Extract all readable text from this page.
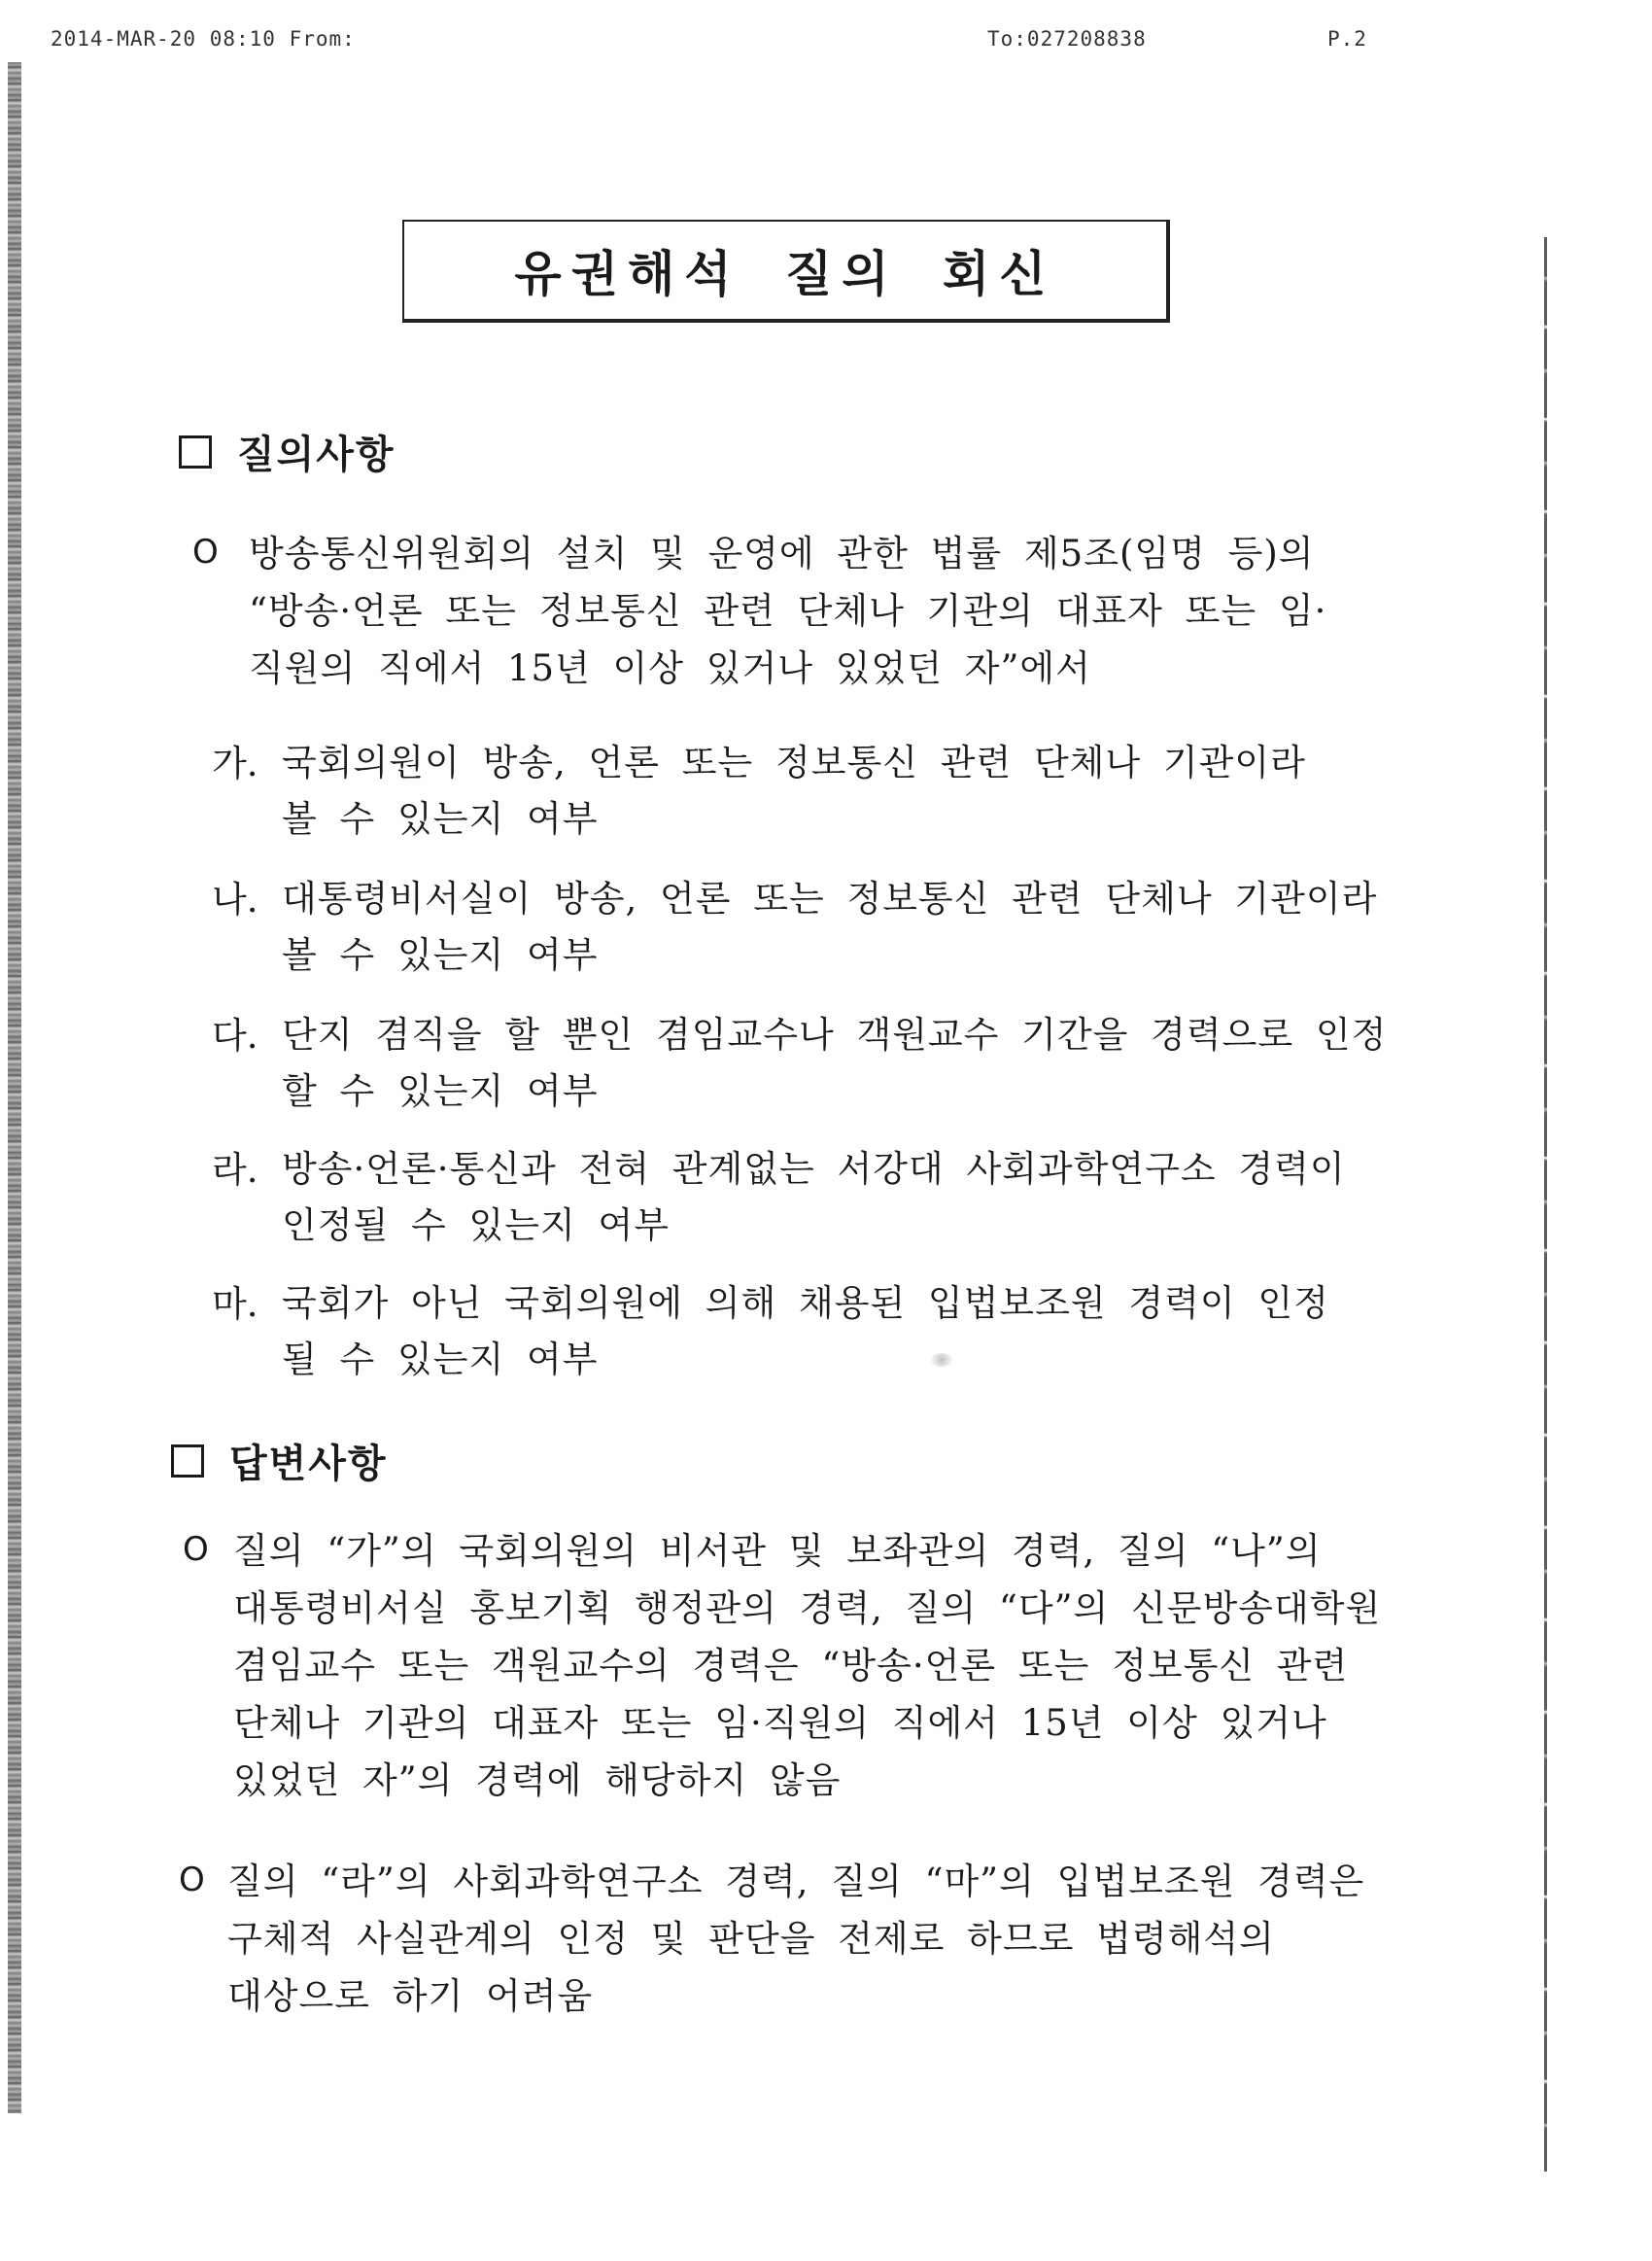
2014-MAR-20 08:10 From:	To:027208838	P.2
유권해석 질의 회신
질의사항
O 방송통신위원회의 설치 및 운영에 관한 법률 제5조(임명 등)의
“방송·언론 또는 정보통신 관련 단체나 기관의 대표자 또는 임·
직원의 직에서 15년 이상 있거나 있었던 자”에서
가. 국회의원이 방송, 언론 또는 정보통신 관련 단체나 기관이라
볼 수 있는지 여부
나. 대통령비서실이 방송, 언론 또는 정보통신 관련 단체나 기관이라
볼 수 있는지 여부
다. 단지 겸직을 할 뿐인 겸임교수나 객원교수 기간을 경력으로 인정
할 수 있는지 여부
라. 방송·언론·통신과 전혀 관계없는 서강대 사회과학연구소 경력이
인정될 수 있는지 여부
마. 국회가 아닌 국회의원에 의해 채용된 입법보조원 경력이 인정
될 수 있는지 여부
답변사항
O 질의 “가”의 국회의원의 비서관 및 보좌관의 경력, 질의 “나”의
대통령비서실 홍보기획 행정관의 경력, 질의 “다”의 신문방송대학원
겸임교수 또는 객원교수의 경력은 “방송·언론 또는 정보통신 관련
단체나 기관의 대표자 또는 임·직원의 직에서 15년 이상 있거나
있었던 자”의 경력에 해당하지 않음
O 질의 “라”의 사회과학연구소 경력, 질의 “마”의 입법보조원 경력은
구체적 사실관계의 인정 및 판단을 전제로 하므로 법령해석의
대상으로 하기 어려움
